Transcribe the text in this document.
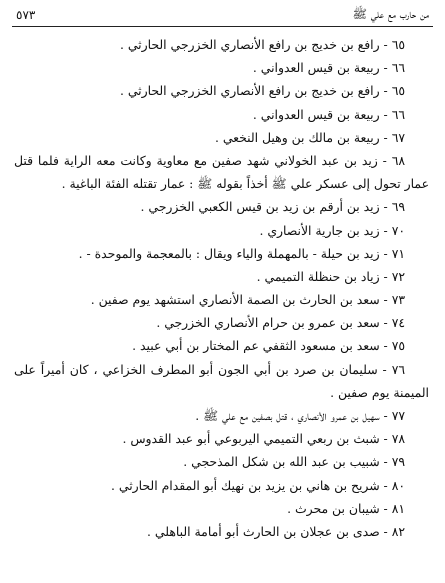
٥٧٣	من حارب مع علي ﷺ
٦٥ - رافع بن خديج بن رافع الأنصاري الخزرجي الحارثي .
٦٦ - ربيعة بن قيس العدواني .
٦٥ - رافع بن خديج بن رافع الأنصاري الخزرجي الحارثي .
٦٦ - ربيعة بن قيس العدواني .
٦٧ - ربيعة بن مالك بن وهيل النخعي .
٦٨ - زيد بن عبد الخولاني شهد صفين مع معاوية وكانت معه الراية فلما قتل
عمار تحول إلى عسكر علي ﷺ أخذاً بقوله ﷺ : عمار تقتله الفئة الباغية .
٦٩ - زيد بن أرقم بن زيد بن قيس الكعبي الخزرجي .
٧٠ - زيد بن جارية الأنصاري .
٧١ - زيد بن حيلة - بالمهملة والياء ويقال : بالمعجمة والموحدة - .
٧٢ - زياد بن حنظلة التميمي .
٧٣ - سعد بن الحارث بن الصمة الأنصاري استشهد يوم صفين .
٧٤ - سعد بن عمرو بن حرام الأنصاري الخزرجي .
٧٥ - سعد بن مسعود الثقفي عم المختار بن أبي عبيد .
٧٦ - سليمان بن صرد بن أبي الجون أبو المطرف الخزاعي ، كان أميراً على
الميمنة يوم صفين .
٧٧ - سهيل بن عمرو الأنصاري ، قتل بصفين مع علي ﷺ .
٧٨ - شبث بن ربعي التميمي اليربوعي أبو عبد القدوس .
٧٩ - شبيب بن عبد الله بن شكل المذحجي .
٨٠ - شريح بن هاني بن يزيد بن نهيك أبو المقدام الحارثي .
٨١ - شيبان بن محرث .
٨٢ - صدى بن عجلان بن الحارث أبو أمامة الباهلي .
